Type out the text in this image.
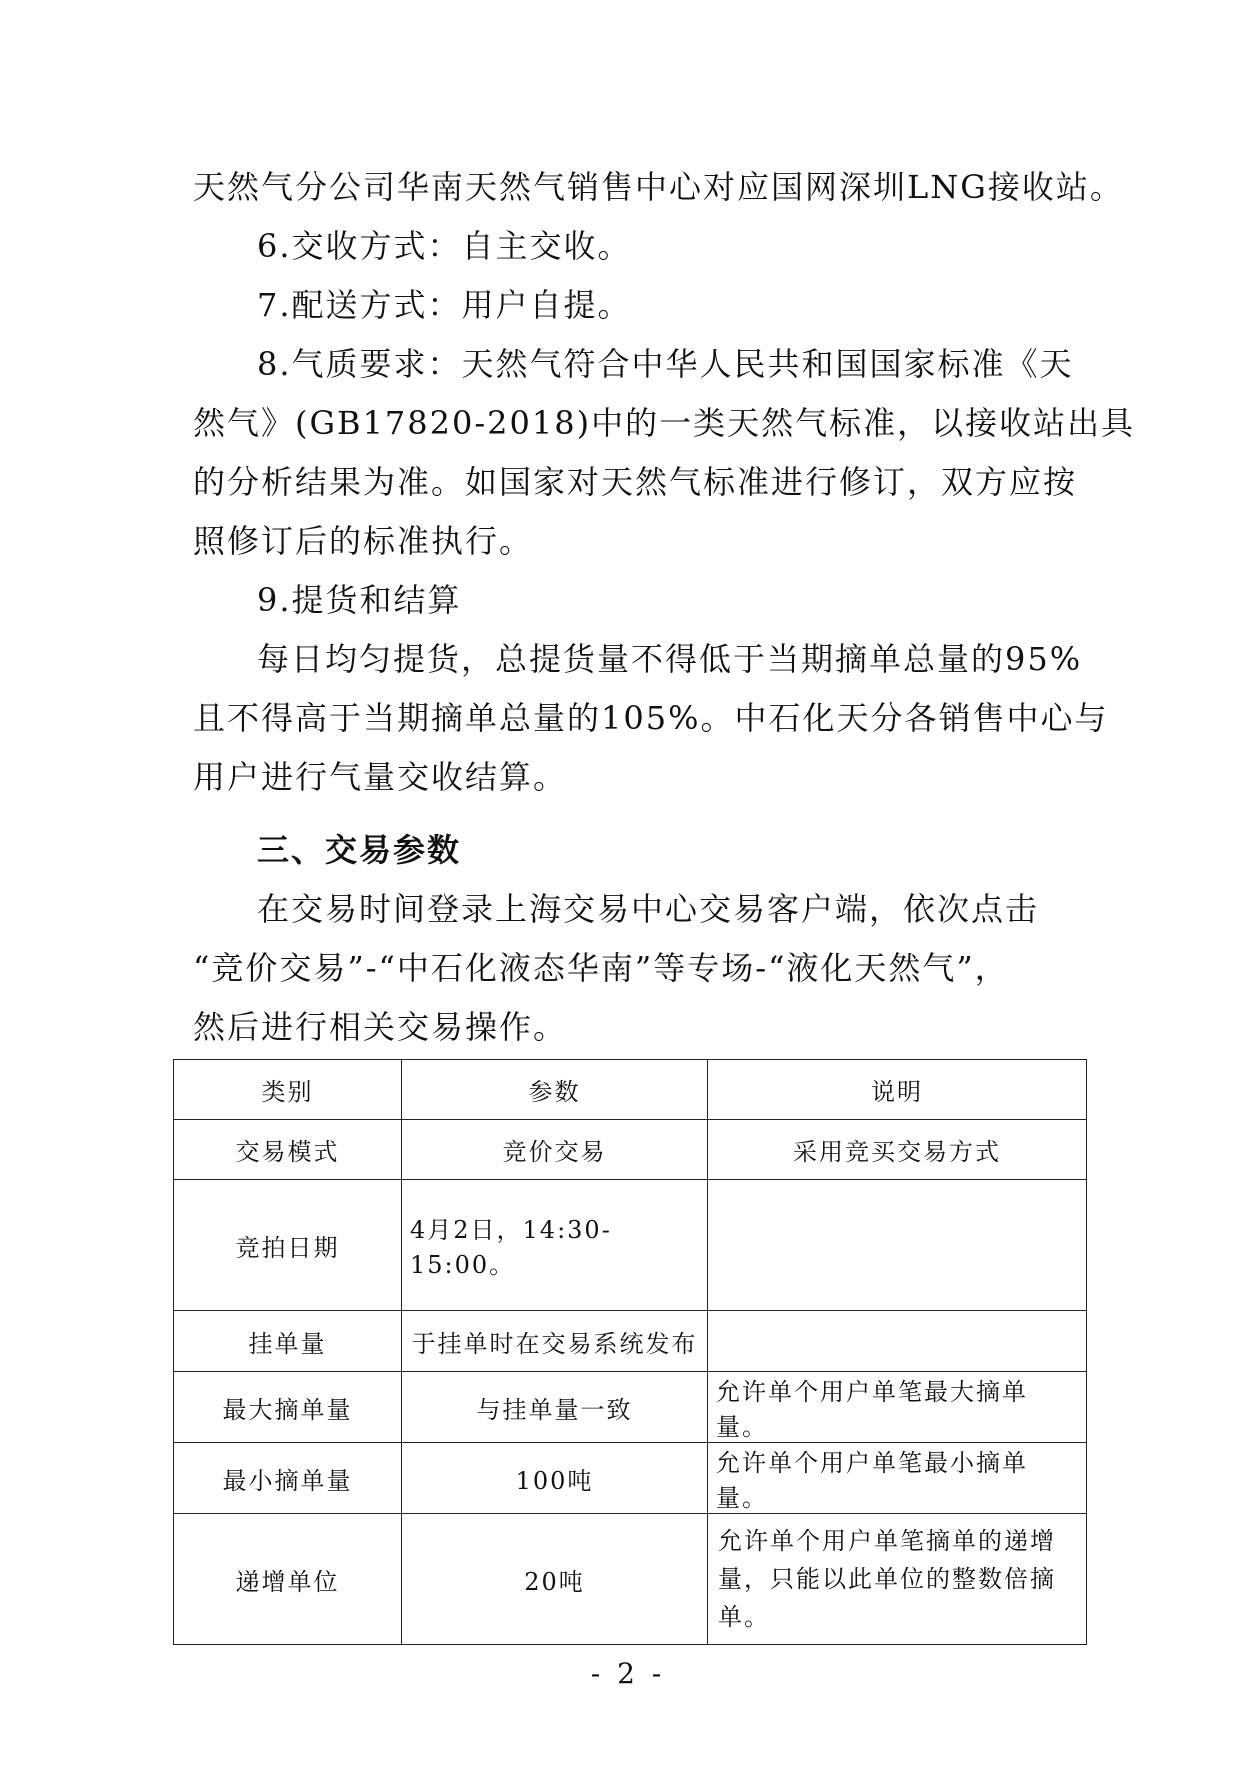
天然气分公司华南天然气销售中心对应国网深圳LNG接收站。
6.交收方式：自主交收。
7.配送方式：用户自提。
8.气质要求：天然气符合中华人民共和国国家标准《天
然气》(GB17820-2018)中的一类天然气标准，以接收站出具
的分析结果为准。如国家对天然气标准进行修订，双方应按
照修订后的标准执行。
9.提货和结算
每日均匀提货，总提货量不得低于当期摘单总量的95%
且不得高于当期摘单总量的105%。中石化天分各销售中心与
用户进行气量交收结算。
三、交易参数
在交易时间登录上海交易中心交易客户端，依次点击
“竞价交易”-“中石化液态华南”等专场-“液化天然气”，
然后进行相关交易操作。
类别	参数	说明
交易模式	竞价交易	采用竞买交易方式
竞拍日期	4月2日，14:30-15:00。	
挂单量	于挂单时在交易系统发布	
最大摘单量	与挂单量一致	允许单个用户单笔最大摘单量。
最小摘单量	100吨	允许单个用户单笔最小摘单量。
递增单位	20吨	允许单个用户单笔摘单的递增
量，只能以此单位的整数倍摘单。
- 2 -
